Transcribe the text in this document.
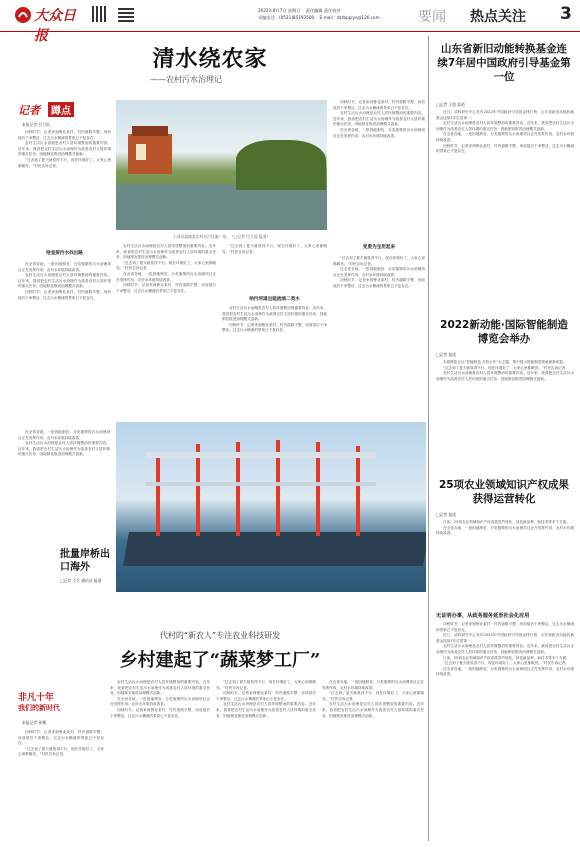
大众日报
2022年8月7日 星期日 责任编辑 责任校对
采编电话：(0531)85193500 E-mail：dzrbpplys@126.com	要闻 热点关注 3
清水绕农家
——农村污水治理记
记者	蹲点
本报记者 付卫国

初秋时节，记者来到鲁北某村，村内道路平整，房前屋后干净整洁，过去污水横流的景象已不复存在。

农村生活污水治理是农村人居环境整治的重要内容。近年来，我省把农村生活污水治理作为改善农村人居环境的重点任务，因地制宜推进治理模式创新。

“过去到了夏天就臭得不行，现在环境好了，大家心里都敞亮。”村民告诉记者。

给直排污水找出路

在全省各地，一批因地制宜、分类施策的污水治理项目正在发挥作用，农村水环境持续改善。

农村生活污水治理是农村人居环境整治的重要内容。近年来，我省把农村生活污水治理作为改善农村人居环境的重点任务，因地制宜推进治理模式创新。

初秋时节，记者来到鲁北某村，村内道路平整，房前屋后干净整洁，过去污水横流的景象已不复存在。

小清河流域某农村治污设施一角。（□记者 付卫国 报道）

农村生活污水治理是农村人居环境整治的重要内容。近年来，我省把农村生活污水治理作为改善农村人居环境的重点任务，因地制宜推进治理模式创新。

“过去到了夏天就臭得不行，现在环境好了，大家心里都敞亮。”村民告诉记者。

在全省各地，一批因地制宜、分类施策的污水治理项目正在发挥作用，农村水环境持续改善。

初秋时节，记者来到鲁北某村，村内道路平整，房前屋后干净整洁，过去污水横流的景象已不复存在。

“过去到了夏天就臭得不行，现在环境好了，大家心里都敞亮。”村民告诉记者。

纳污河道也能流淌二类水

农村生活污水治理是农村人居环境整治的重要内容。近年来，我省把农村生活污水治理作为改善农村人居环境的重点任务，因地制宜推进治理模式创新。

初秋时节，记者来到鲁北某村，村内道路平整，房前屋后干净整洁，过去污水横流的景象已不复存在。

初秋时节，记者来到鲁北某村，村内道路平整，房前屋后干净整洁，过去污水横流的景象已不复存在。

农村生活污水治理是农村人居环境整治的重要内容。近年来，我省把农村生活污水治理作为改善农村人居环境的重点任务，因地制宜推进治理模式创新。

在全省各地，一批因地制宜、分类施策的污水治理项目正在发挥作用，农村水环境持续改善。

变废为宝用起来

“过去到了夏天就臭得不行，现在环境好了，大家心里都敞亮。”村民告诉记者。

在全省各地，一批因地制宜、分类施策的污水治理项目正在发挥作用，农村水环境持续改善。

初秋时节，记者来到鲁北某村，村内道路平整，房前屋后干净整洁，过去污水横流的景象已不复存在。

批量岸桥出口海外
□记者 王兵 通讯员 报道

在全省各地，一批因地制宜、分类施策的污水治理项目正在发挥作用，农村水环境持续改善。

农村生活污水治理是农村人居环境整治的重要内容。近年来，我省把农村生活污水治理作为改善农村人居环境的重点任务，因地制宜推进治理模式创新。

代村的“新农人”专注农业科技研发
乡村建起了“蔬菜梦工厂”
非凡十年
我们的新时代
本报记者 孙鹏

初秋时节，记者来到鲁北某村，村内道路平整，房前屋后干净整洁，过去污水横流的景象已不复存在。

“过去到了夏天就臭得不行，现在环境好了，大家心里都敞亮。”村民告诉记者。

农村生活污水治理是农村人居环境整治的重要内容。近年来，我省把农村生活污水治理作为改善农村人居环境的重点任务，因地制宜推进治理模式创新。

在全省各地，一批因地制宜、分类施策的污水治理项目正在发挥作用，农村水环境持续改善。

初秋时节，记者来到鲁北某村，村内道路平整，房前屋后干净整洁，过去污水横流的景象已不复存在。

“过去到了夏天就臭得不行，现在环境好了，大家心里都敞亮。”村民告诉记者。

初秋时节，记者来到鲁北某村，村内道路平整，房前屋后干净整洁，过去污水横流的景象已不复存在。

农村生活污水治理是农村人居环境整治的重要内容。近年来，我省把农村生活污水治理作为改善农村人居环境的重点任务，因地制宜推进治理模式创新。

在全省各地，一批因地制宜、分类施策的污水治理项目正在发挥作用，农村水环境持续改善。

“过去到了夏天就臭得不行，现在环境好了，大家心里都敞亮。”村民告诉记者。

农村生活污水治理是农村人居环境整治的重要内容。近年来，我省把农村生活污水治理作为改善农村人居环境的重点任务，因地制宜推进治理模式创新。

山东省新旧动能转换基金连续7年居中国政府引导基金第一位
□记者 王凯 报道

近日，清科研究中心发布2022年中国政府引导基金排行榜，山东省新旧动能转换基金连续7年位居第一。

农村生活污水治理是农村人居环境整治的重要内容。近年来，我省把农村生活污水治理作为改善农村人居环境的重点任务，因地制宜推进治理模式创新。

在全省各地，一批因地制宜、分类施策的污水治理项目正在发挥作用，农村水环境持续改善。

初秋时节，记者来到鲁北某村，村内道路平整，房前屋后干净整洁，过去污水横流的景象已不复存在。

2022新动能·国际智能制造博览会举办
□记者 报道

本届博览会以“智能制造 开放合作”为主题，集中展示智能制造领域最新成果。

“过去到了夏天就臭得不行，现在环境好了，大家心里都敞亮。”村民告诉记者。

农村生活污水治理是农村人居环境整治的重要内容。近年来，我省把农村生活污水治理作为改善农村人居环境的重点任务，因地制宜推进治理模式创新。

25项农业领域知识产权成果获得运营转化
□记者 报道

日前，25项农业领域知识产权成果签约转化，涉及新品种、新技术等多个方面。

在全省各地，一批因地制宜、分类施策的污水治理项目正在发挥作用，农村水环境持续改善。

无证明办事，从政务服务延至社会化应用

初秋时节，记者来到鲁北某村，村内道路平整，房前屋后干净整洁，过去污水横流的景象已不复存在。

近日，清科研究中心发布2022年中国政府引导基金排行榜，山东省新旧动能转换基金连续7年位居第一。

农村生活污水治理是农村人居环境整治的重要内容。近年来，我省把农村生活污水治理作为改善农村人居环境的重点任务，因地制宜推进治理模式创新。

日前，25项农业领域知识产权成果签约转化，涉及新品种、新技术等多个方面。

“过去到了夏天就臭得不行，现在环境好了，大家心里都敞亮。”村民告诉记者。

在全省各地，一批因地制宜、分类施策的污水治理项目正在发挥作用，农村水环境持续改善。
